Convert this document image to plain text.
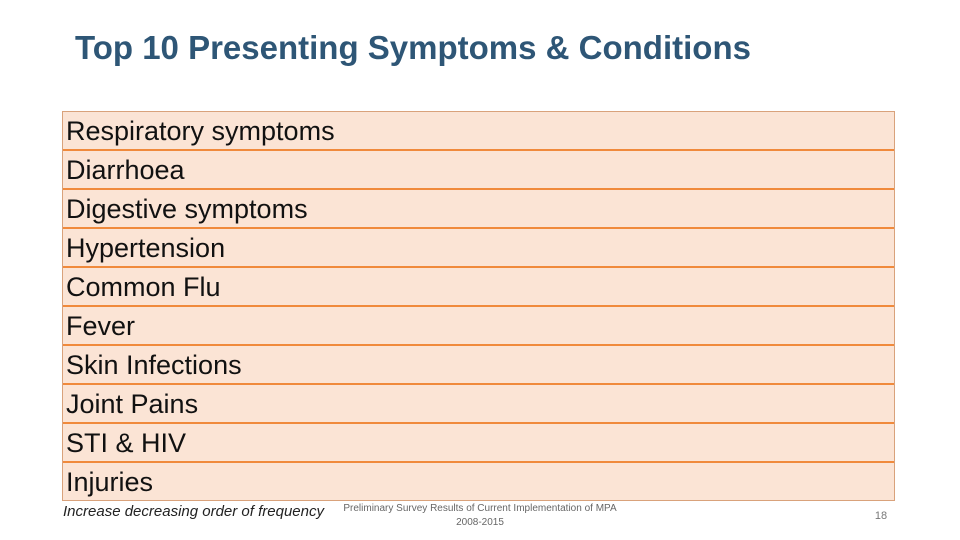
Top 10 Presenting Symptoms & Conditions
Respiratory symptoms
Diarrhoea
Digestive symptoms
Hypertension
Common Flu
Fever
Skin Infections
Joint Pains
STI & HIV
Injuries
Increase decreasing order of frequency	Preliminary Survey Results of Current Implementation of MPA
2008-2015
18
